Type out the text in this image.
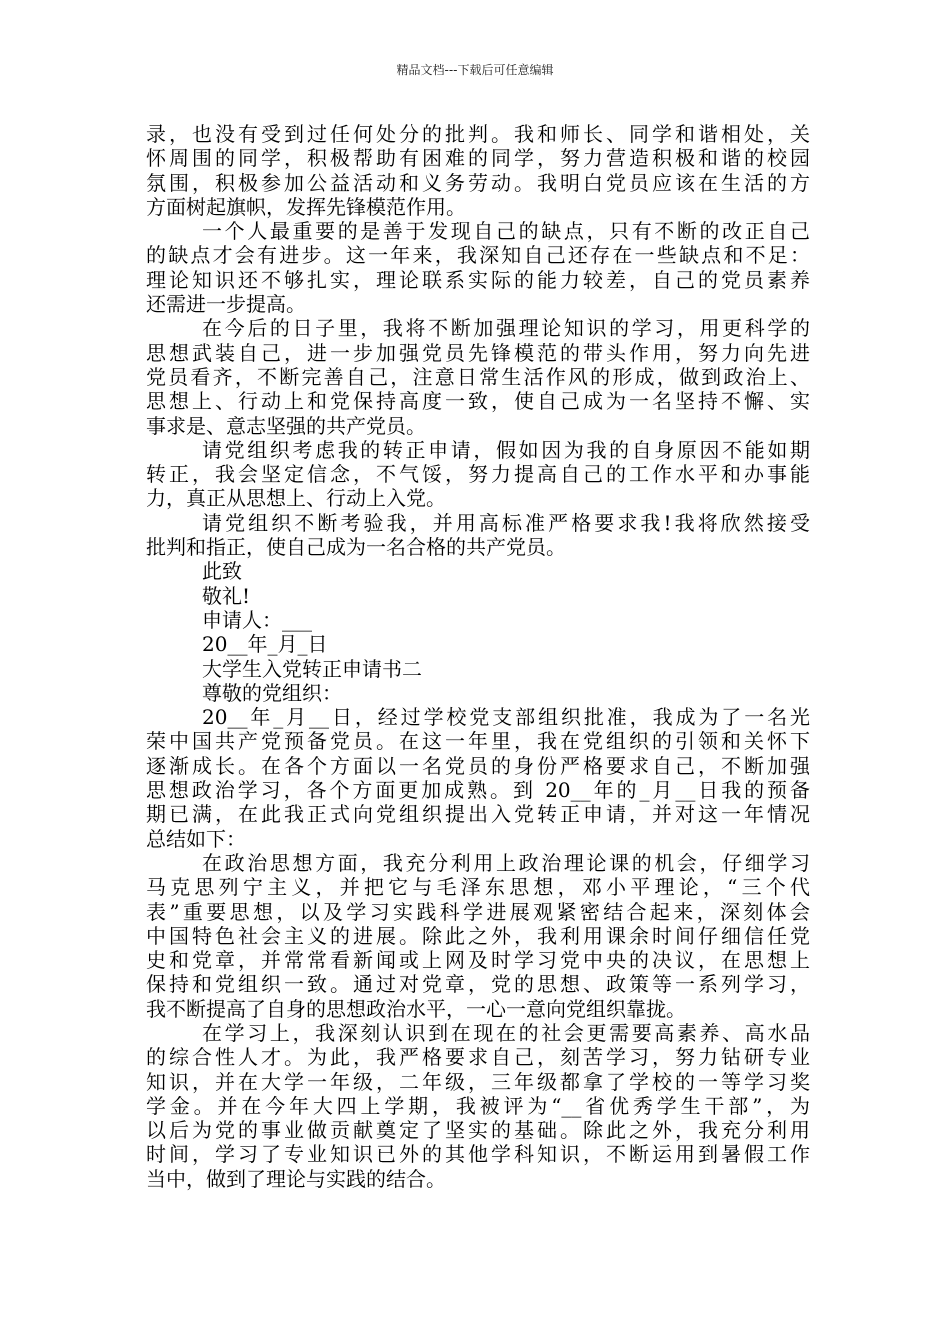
精品文档---下载后可任意编辑
录，也没有受到过任何处分的批判。我和师长、同学和谐相处，关
怀周围的同学，积极帮助有困难的同学，努力营造积极和谐的校园
氛围，积极参加公益活动和义务劳动。我明白党员应该在生活的方
方面树起旗帜，发挥先锋模范作用。
一个人最重要的是善于发现自己的缺点，只有不断的改正自己
的缺点才会有进步。这一年来，我深知自己还存在一些缺点和不足：
理论知识还不够扎实，理论联系实际的能力较差，自己的党员素养
还需进一步提高。
在今后的日子里，我将不断加强理论知识的学习，用更科学的
思想武装自己，进一步加强党员先锋模范的带头作用，努力向先进
党员看齐，不断完善自己，注意日常生活作风的形成，做到政治上、
思想上、行动上和党保持高度一致，使自己成为一名坚持不懈、实
事求是、意志坚强的共产党员。
请党组织考虑我的转正申请，假如因为我的自身原因不能如期
转正，我会坚定信念，不气馁，努力提高自己的工作水平和办事能
力，真正从思想上、行动上入党。
请党组织不断考验我，并用高标准严格要求我!我将欣然接受
批判和指正，使自己成为一名合格的共产党员。
此致
敬礼!
申请人：___
20__年_月_日
大学生入党转正申请书二
尊敬的党组织：
20__年_月__日，经过学校党支部组织批准，我成为了一名光
荣中国共产党预备党员。在这一年里，我在党组织的引领和关怀下
逐渐成长。在各个方面以一名党员的身份严格要求自己，不断加强
思想政治学习，各个方面更加成熟。到 20__年的_月__日我的预备
期已满，在此我正式向党组织提出入党转正申请，并对这一年情况
总结如下：
在政治思想方面，我充分利用上政治理论课的机会，仔细学习
马克思列宁主义，并把它与毛泽东思想，邓小平理论，“三个代
表”重要思想，以及学习实践科学进展观紧密结合起来，深刻体会
中国特色社会主义的进展。除此之外，我利用课余时间仔细信任党
史和党章，并常常看新闻或上网及时学习党中央的决议，在思想上
保持和党组织一致。通过对党章，党的思想、政策等一系列学习，
我不断提高了自身的思想政治水平，一心一意向党组织靠拢。
在学习上，我深刻认识到在现在的社会更需要高素养、高水品
的综合性人才。为此，我严格要求自己，刻苦学习，努力钻研专业
知识，并在大学一年级，二年级，三年级都拿了学校的一等学习奖
学金。并在今年大四上学期，我被评为“__省优秀学生干部”，为
以后为党的事业做贡献奠定了坚实的基础。除此之外，我充分利用
时间，学习了专业知识已外的其他学科知识，不断运用到暑假工作
当中，做到了理论与实践的结合。
